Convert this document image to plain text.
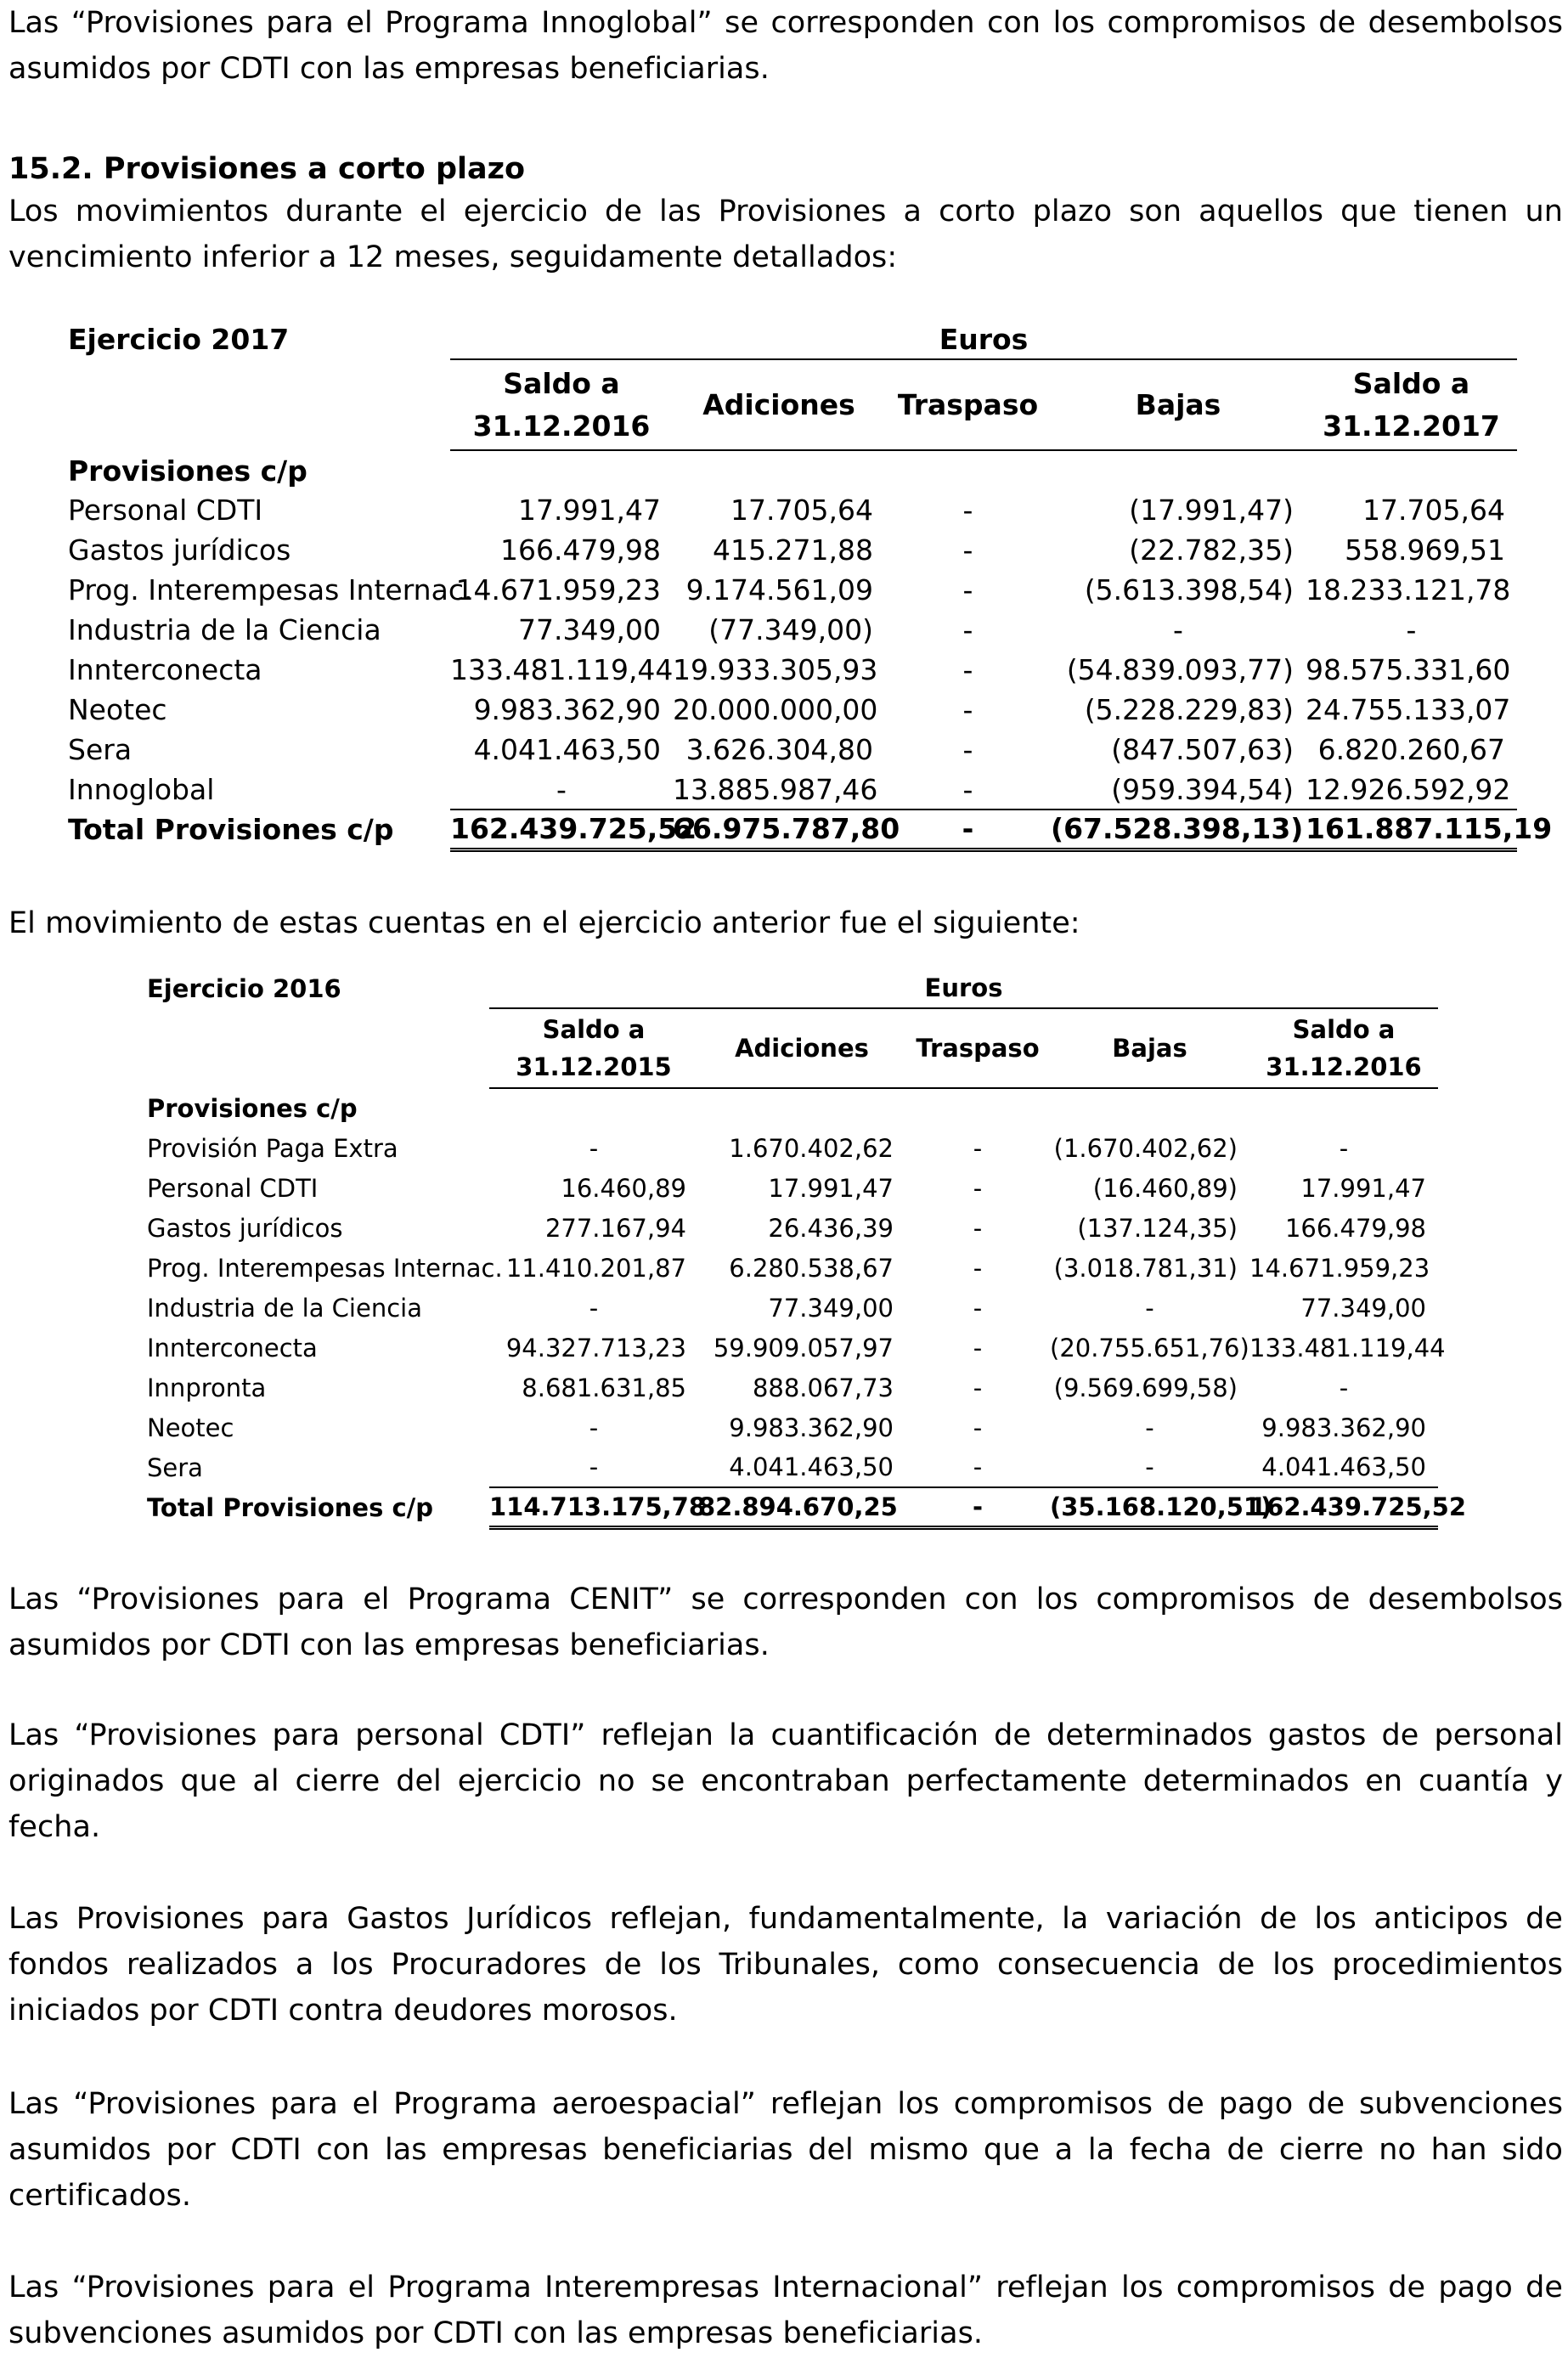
Las “Provisiones para el Programa Innoglobal” se corresponden con los compromisos de desembolsos asumidos por CDTI con las empresas beneficiarias.

15.2. Provisiones a corto plazo

Los movimientos durante el ejercicio de las Provisiones a corto plazo son aquellos que tienen un vencimiento inferior a 12 meses, seguidamente detallados:

Ejercicio 2017	Euros				
	Saldo a
31.12.2016	Adiciones	Traspaso	Bajas	Saldo a
31.12.2017
Provisiones c/p					
Personal CDTI	17.991,47	17.705,64	-	(17.991,47)	17.705,64
Gastos jurídicos	166.479,98	415.271,88	-	(22.782,35)	558.969,51
Prog. Interempesas Internac.	14.671.959,23	9.174.561,09	-	(5.613.398,54)	18.233.121,78
Industria de la Ciencia	77.349,00	(77.349,00)	-	-	-
Innterconecta	133.481.119,44	19.933.305,93	-	(54.839.093,77)	98.575.331,60
Neotec	9.983.362,90	20.000.000,00	-	(5.228.229,83)	24.755.133,07
Sera	4.041.463,50	3.626.304,80	-	(847.507,63)	6.820.260,67
Innoglobal	-	13.885.987,46	-	(959.394,54)	12.926.592,92
Total Provisiones c/p	162.439.725,52	66.975.787,80	-	(67.528.398,13)	161.887.115,19

El movimiento de estas cuentas en el ejercicio anterior fue el siguiente:

Ejercicio 2016	Euros				
	Saldo a
31.12.2015	Adiciones	Traspaso	Bajas	Saldo a
31.12.2016
Provisiones c/p					
Provisión Paga Extra	-	1.670.402,62	-	(1.670.402,62)	-
Personal CDTI	16.460,89	17.991,47	-	(16.460,89)	17.991,47
Gastos jurídicos	277.167,94	26.436,39	-	(137.124,35)	166.479,98
Prog. Interempesas Internac.	11.410.201,87	6.280.538,67	-	(3.018.781,31)	14.671.959,23
Industria de la Ciencia	-	77.349,00	-	-	77.349,00
Innterconecta	94.327.713,23	59.909.057,97	-	(20.755.651,76)	133.481.119,44
Innpronta	8.681.631,85	888.067,73	-	(9.569.699,58)	-
Neotec	-	9.983.362,90	-	-	9.983.362,90
Sera	-	4.041.463,50	-	-	4.041.463,50
Total Provisiones c/p	114.713.175,78	82.894.670,25	-	(35.168.120,51)	162.439.725,52

Las “Provisiones para el Programa CENIT” se corresponden con los compromisos de desembolsos asumidos por CDTI con las empresas beneficiarias.

Las “Provisiones para personal CDTI” reflejan la cuantificación de determinados gastos de personal originados que al cierre del ejercicio no se encontraban perfectamente determinados en cuantía y fecha.

Las Provisiones para Gastos Jurídicos reflejan, fundamentalmente, la variación de los anticipos de fondos realizados a los Procuradores de los Tribunales, como consecuencia de los procedimientos iniciados por CDTI contra deudores morosos.

Las “Provisiones para el Programa aeroespacial” reflejan los compromisos de pago de subvenciones asumidos por CDTI con las empresas beneficiarias del mismo que a la fecha de cierre no han sido certificados.

Las “Provisiones para el Programa Interempresas Internacional” reflejan los compromisos de pago de subvenciones asumidos por CDTI con las empresas beneficiarias.
